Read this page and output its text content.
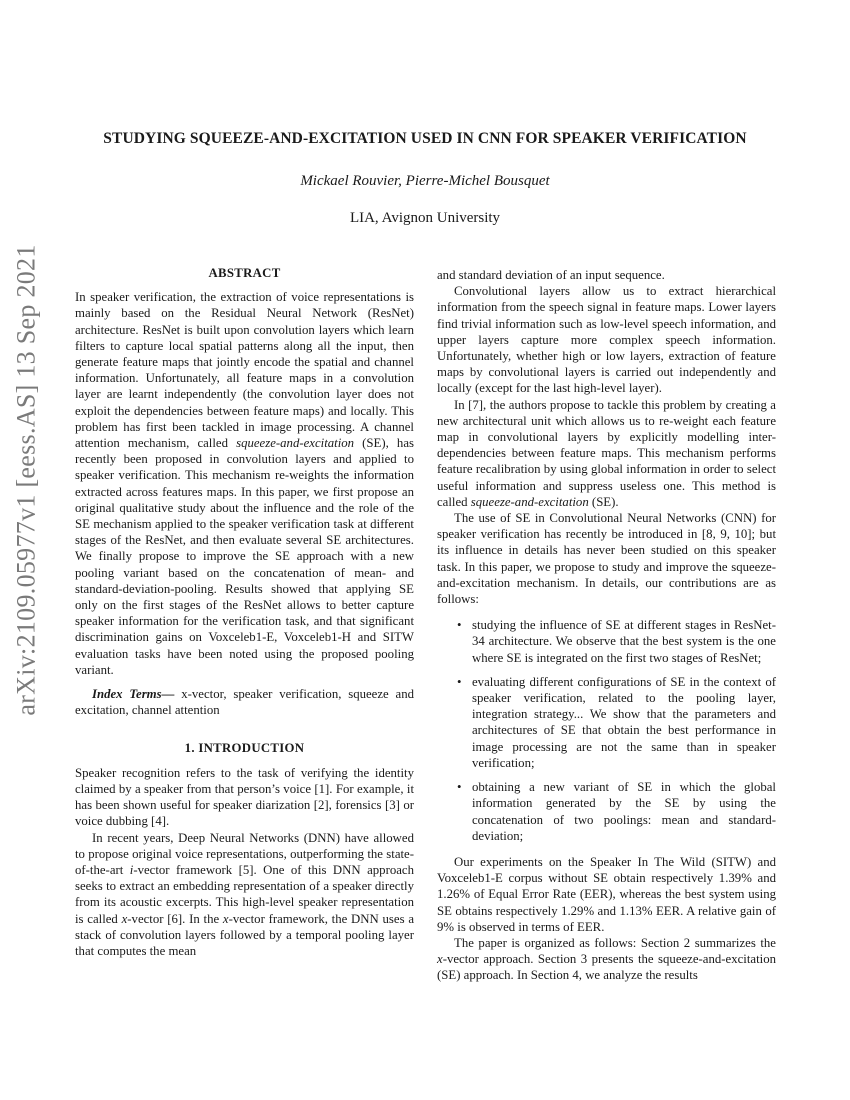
arXiv:2109.05977v1 [eess.AS] 13 Sep 2021
STUDYING SQUEEZE-AND-EXCITATION USED IN CNN FOR SPEAKER VERIFICATION
Mickael Rouvier, Pierre-Michel Bousquet
LIA, Avignon University
ABSTRACT

In speaker verification, the extraction of voice representations is mainly based on the Residual Neural Network (ResNet) architecture. ResNet is built upon convolution layers which learn filters to capture local spatial patterns along all the input, then generate feature maps that jointly encode the spatial and channel information. Unfortunately, all feature maps in a convolution layer are learnt independently (the convolution layer does not exploit the dependencies between feature maps) and locally. This problem has first been tackled in image processing. A channel attention mechanism, called squeeze-and-excitation (SE), has recently been proposed in convolution layers and applied to speaker verification. This mechanism re-weights the information extracted across features maps. In this paper, we first propose an original qualitative study about the influence and the role of the SE mechanism applied to the speaker verification task at different stages of the ResNet, and then evaluate several SE architectures. We finally propose to improve the SE approach with a new pooling variant based on the concatenation of mean- and standard-deviation-pooling. Results showed that applying SE only on the first stages of the ResNet allows to better capture speaker information for the verification task, and that significant discrimination gains on Voxceleb1-E, Voxceleb1-H and SITW evaluation tasks have been noted using the proposed pooling variant.

Index Terms— x-vector, speaker verification, squeeze and excitation, channel attention

1. INTRODUCTION

Speaker recognition refers to the task of verifying the identity claimed by a speaker from that person’s voice [1]. For example, it has been shown useful for speaker diarization [2], forensics [3] or voice dubbing [4].

In recent years, Deep Neural Networks (DNN) have allowed to propose original voice representations, outperforming the state-of-the-art i-vector framework [5]. One of this DNN approach seeks to extract an embedding representation of a speaker directly from its acoustic excerpts. This high-level speaker representation is called x-vector [6]. In the x-vector framework, the DNN uses a stack of convolution layers followed by a temporal pooling layer that computes the mean

and standard deviation of an input sequence.

Convolutional layers allow us to extract hierarchical information from the speech signal in feature maps. Lower layers find trivial information such as low-level speech information, and upper layers capture more complex speech information. Unfortunately, whether high or low layers, extraction of feature maps by convolutional layers is carried out independently and locally (except for the last high-level layer).

In [7], the authors propose to tackle this problem by creating a new architectural unit which allows us to re-weight each feature map in convolutional layers by explicitly modelling inter-dependencies between feature maps. This mechanism performs feature recalibration by using global information in order to select useful information and suppress useless one. This method is called squeeze-and-excitation (SE).

The use of SE in Convolutional Neural Networks (CNN) for speaker verification has recently be introduced in [8, 9, 10]; but its influence in details has never been studied on this speaker task. In this paper, we propose to study and improve the squeeze-and-excitation mechanism. In details, our contributions are as follows:

• studying the influence of SE at different stages in ResNet-34 architecture. We observe that the best system is the one where SE is integrated on the first two stages of ResNet;
• evaluating different configurations of SE in the context of speaker verification, related to the pooling layer, integration strategy... We show that the parameters and architectures of SE that obtain the best performance in image processing are not the same than in speaker verification;
• obtaining a new variant of SE in which the global information generated by the SE by using the concatenation of two poolings: mean and standard-deviation;

Our experiments on the Speaker In The Wild (SITW) and Voxceleb1-E corpus without SE obtain respectively 1.39% and 1.26% of Equal Error Rate (EER), whereas the best system using SE obtains respectively 1.29% and 1.13% EER. A relative gain of 9% is observed in terms of EER.

The paper is organized as follows: Section 2 summarizes the x-vector approach. Section 3 presents the squeeze-and-excitation (SE) approach. In Section 4, we analyze the results
